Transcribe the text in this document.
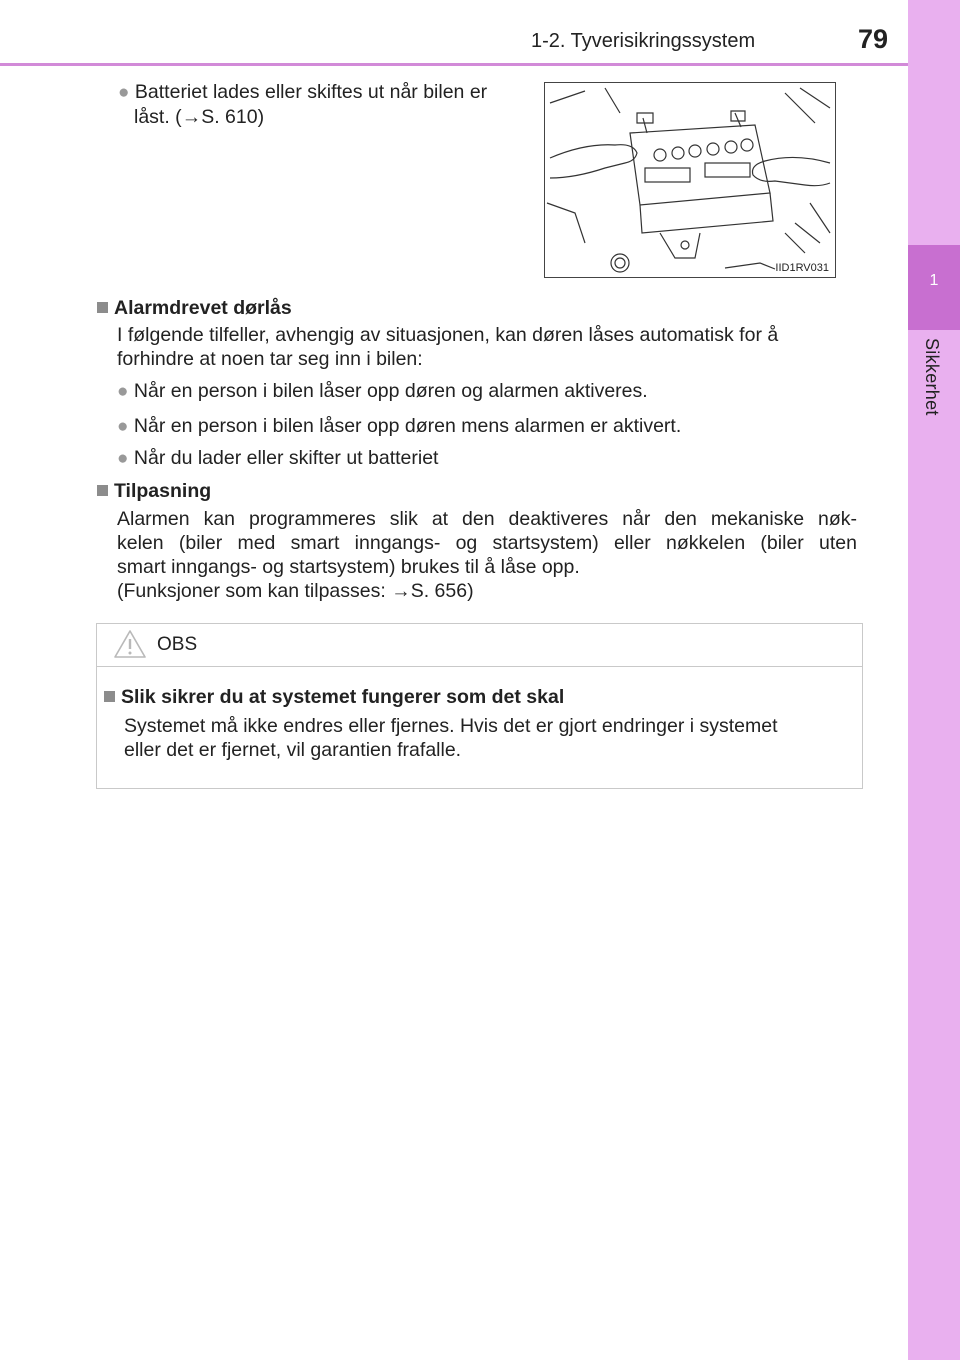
1
Sikkerhet
1-2. Tyverisikringssystem	79
● Batteriet lades eller skiftes ut når bilen er
låst. (→S. 610)
IID1RV031
Alarmdrevet dørlås
I følgende tilfeller, avhengig av situasjonen, kan døren låses automatisk for å
forhindre at noen tar seg inn i bilen:
● Når en person i bilen låser opp døren og alarmen aktiveres.
● Når en person i bilen låser opp døren mens alarmen er aktivert.
● Når du lader eller skifter ut batteriet
Tilpasning
Alarmen kan programmeres slik at den deaktiveres når den mekaniske nøk-
kelen (biler med smart inngangs- og startsystem) eller nøkkelen (biler uten
smart inngangs- og startsystem) brukes til å låse opp.
(Funksjoner som kan tilpasses: →S. 656)
OBS
Slik sikrer du at systemet fungerer som det skal
Systemet må ikke endres eller fjernes. Hvis det er gjort endringer i systemet
eller det er fjernet, vil garantien frafalle.
